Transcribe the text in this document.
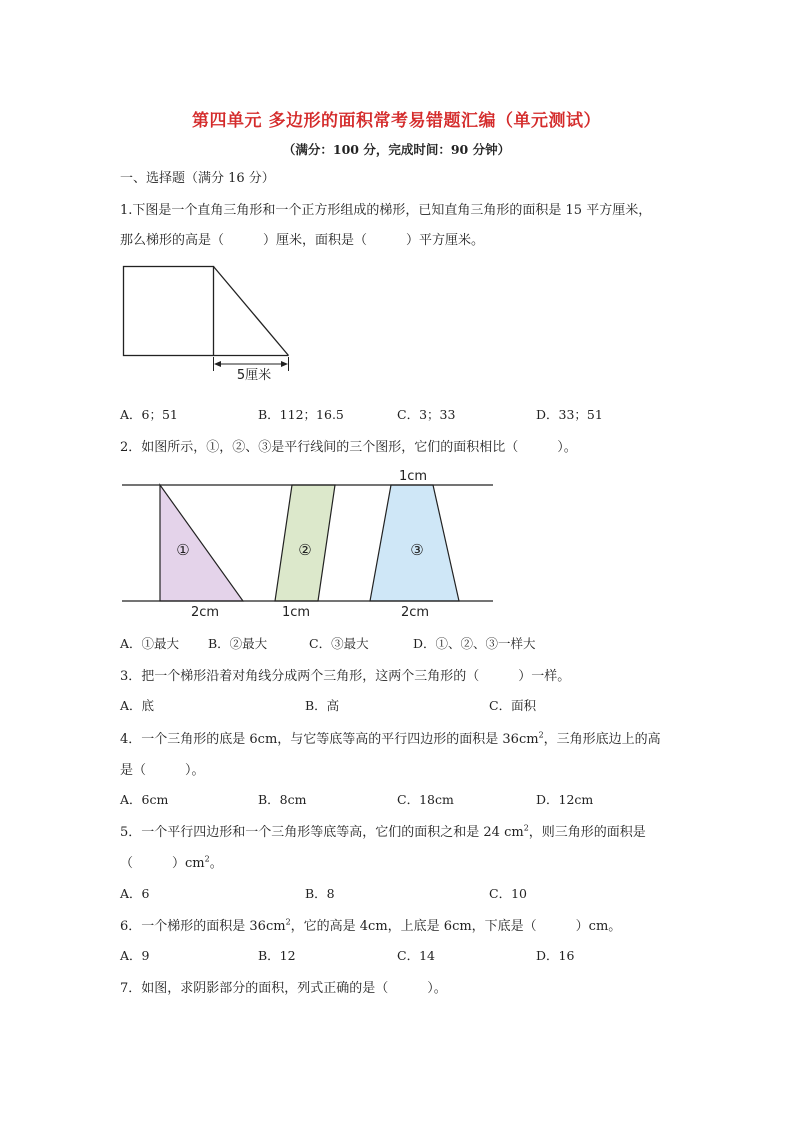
第四单元 多边形的面积常考易错题汇编（单元测试）
（满分：100 分，完成时间：90 分钟）
一、选择题（满分 16 分）
1.下图是一个直角三角形和一个正方形组成的梯形，已知直角三角形的面积是 15 平方厘米，
那么梯形的高是（　　　）厘米，面积是（　　　）平方厘米。
5厘米
A．6；51	B．112；16.5	C．3；33	D．33；51
2．如图所示，①，②、③是平行线间的三个图形，它们的面积相比（　　　）。
1cm
①	②	③
2cm	1cm	2cm
A．①最大 B．②最大	C．③最大	D．①、②、③一样大
3．把一个梯形沿着对角线分成两个三角形，这两个三角形的（　　　）一样。
A．底	B．高	C．面积
4．一个三角形的底是 6cm，与它等底等高的平行四边形的面积是 $36cm^2$，三角形底边上的高
是（　　　）。
A．6cm	B．8cm	C．18cm	D．12cm
5．一个平行四边形和一个三角形等底等高，它们的面积之和是 24 $cm^2$，则三角形的面积是
（　　　）$cm^2$。
A．6	B．8	C．10
6．一个梯形的面积是 $36cm^2$，它的高是 4cm，上底是 6cm，下底是（　　　）cm。
A．9	B．12	C．14	D．16
7．如图，求阴影部分的面积，列式正确的是（　　　）。
